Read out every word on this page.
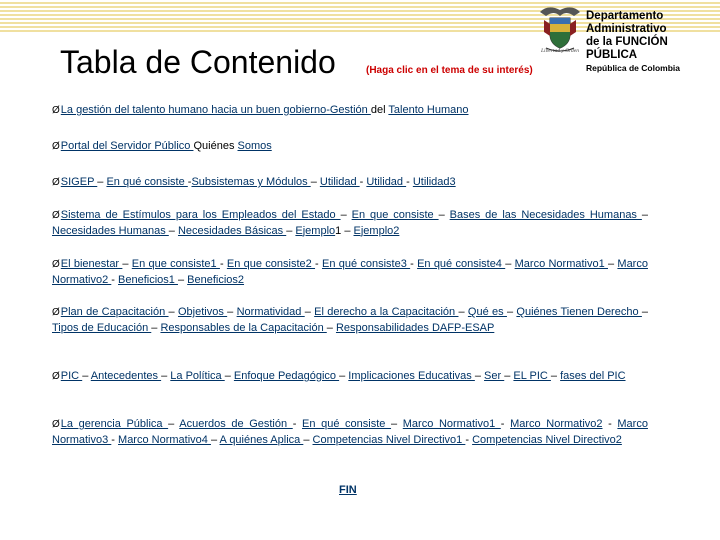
Tabla de Contenido	(Haga clic en el tema de su interés)
Departamento Administrativo
de la FUNCIÓN PÚBLICA
República de Colombia
Libertad y Orden
ØLa gestión del talento humano hacia un buen gobierno-Gestión del Talento Humano
ØPortal del Servidor Público Quiénes Somos
ØSIGEP – En qué consiste -Subsistemas y Módulos – Utilidad - Utilidad - Utilidad3
ØSistema de Estímulos para los Empleados del Estado – En que consiste – Bases de las Necesidades Humanas – Necesidades Humanas – Necesidades Básicas – Ejemplo1 – Ejemplo2
ØEl bienestar – En que consiste1 - En que consiste2 - En qué consiste3 - En qué consiste4 – Marco Normativo1 – Marco Normativo2 - Beneficios1 – Beneficios2
ØPlan de Capacitación – Objetivos – Normatividad – El derecho a la Capacitación – Qué es – Quiénes Tienen Derecho – Tipos de Educación – Responsables de la Capacitación – Responsabilidades DAFP-ESAP
ØPIC – Antecedentes – La Política – Enfoque Pedagógico – Implicaciones Educativas – Ser – EL PIC – fases del PIC
ØLa gerencia Pública – Acuerdos de Gestión - En qué consiste – Marco Normativo1 - Marco Normativo2 - Marco Normativo3 - Marco Normativo4 – A quiénes Aplica – Competencias Nivel Directivo1 - Competencias Nivel Directivo2
FIN
